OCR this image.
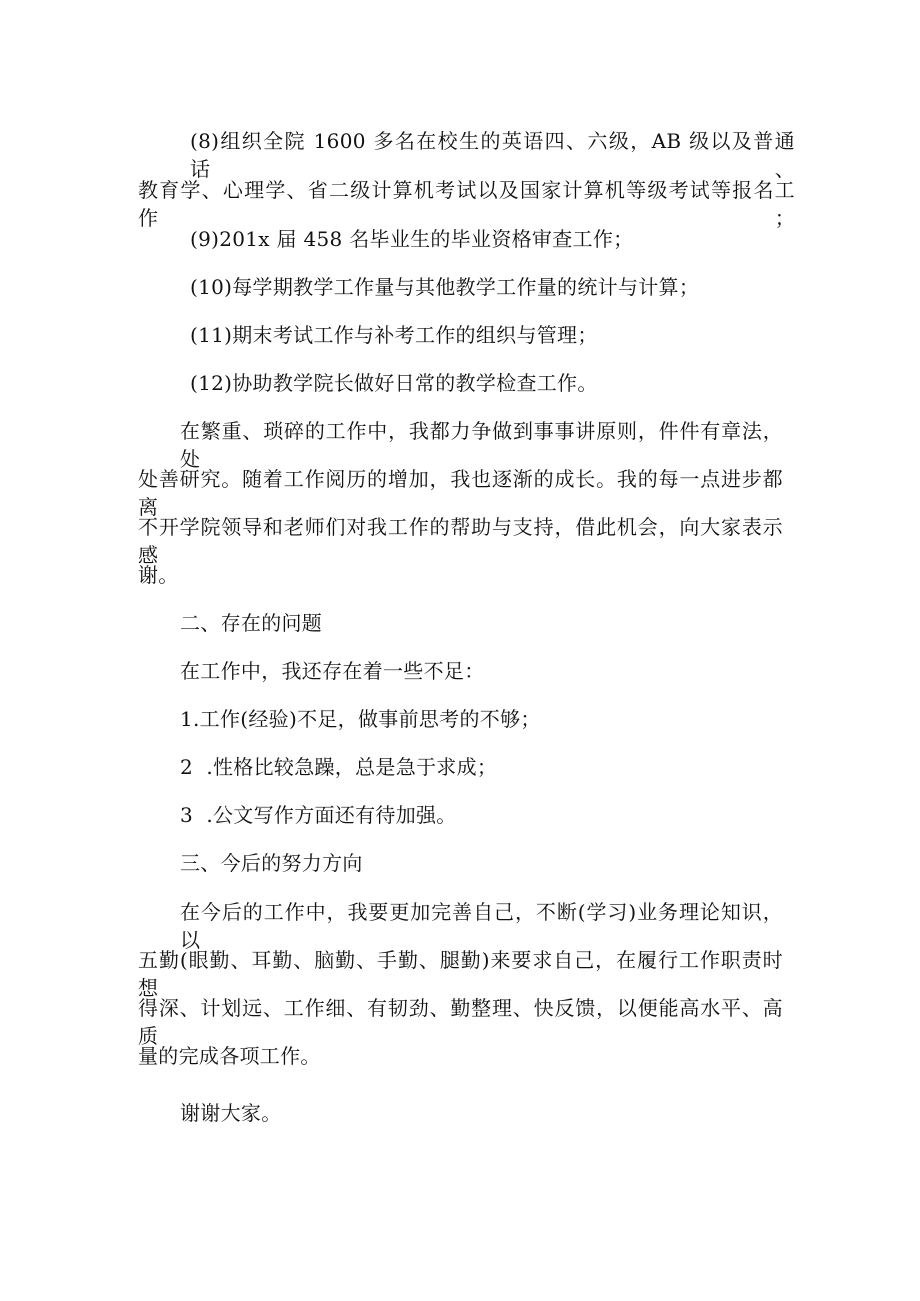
(8)组织全院 1600 多名在校生的英语四、六级，AB 级以及普通话、
教育学、心理学、省二级计算机考试以及国家计算机等级考试等报名工作；
(9)201x 届 458 名毕业生的毕业资格审查工作；
(10)每学期教学工作量与其他教学工作量的统计与计算；
(11)期末考试工作与补考工作的组织与管理；
(12)协助教学院长做好日常的教学检查工作。
在繁重、琐碎的工作中，我都力争做到事事讲原则，件件有章法，处
处善研究。随着工作阅历的增加，我也逐渐的成长。我的每一点进步都离
不开学院领导和老师们对我工作的帮助与支持，借此机会，向大家表示感
谢。
二、存在的问题
在工作中，我还存在着一些不足：
1.工作(经验)不足，做事前思考的不够；
2  .性格比较急躁，总是急于求成；
3  .公文写作方面还有待加强。
三、今后的努力方向
在今后的工作中，我要更加完善自己，不断(学习)业务理论知识，以
五勤(眼勤、耳勤、脑勤、手勤、腿勤)来要求自己，在履行工作职责时想
得深、计划远、工作细、有韧劲、勤整理、快反馈，以便能高水平、高质
量的完成各项工作。
谢谢大家。
